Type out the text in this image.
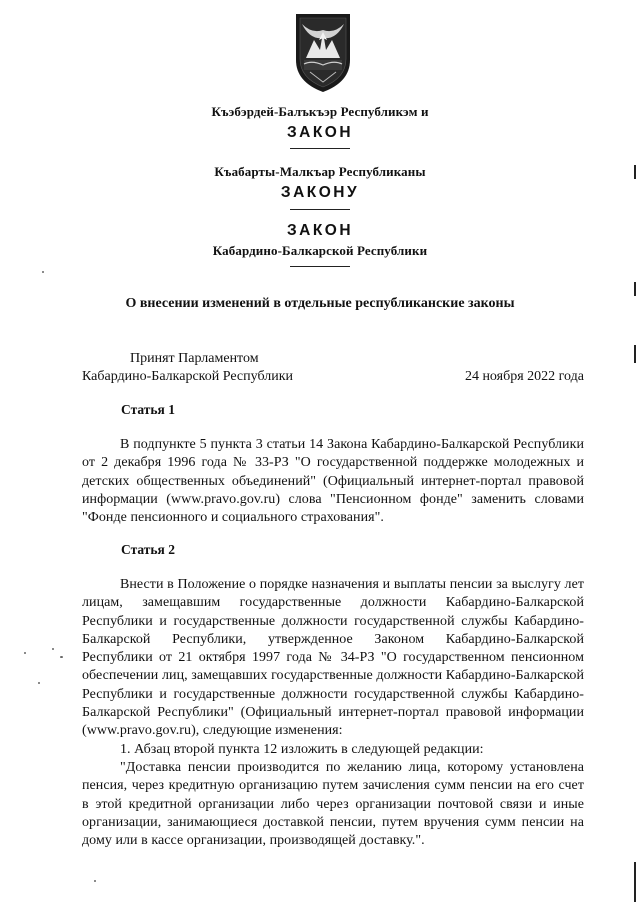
Къэбэрдей-Балъкъэр Республикэм и
ЗАКОН
Къабарты-Малкъар Республиканы
ЗАКОНУ
ЗАКОН
Кабардино-Балкарской Республики
О внесении изменений в отдельные республиканские законы
Принят Парламентом
Кабардино-Балкарской Республики	24 ноября 2022 года
Статья 1

В подпункте 5 пункта 3 статьи 14 Закона Кабардино-Балкарской Республики от 2 декабря 1996 года № 33-РЗ "О государственной поддержке молодежных и детских общественных объединений" (Официальный интернет-портал правовой информации (www.pravo.gov.ru) слова "Пенсионном фонде" заменить словами "Фонде пенсионного и социального страхования".

Статья 2

Внести в Положение о порядке назначения и выплаты пенсии за выслугу лет лицам, замещавшим государственные должности Кабардино-Балкарской Республики и государственные должности государственной службы Кабардино-Балкарской Республики, утвержденное Законом Кабардино-Балкарской Республики от 21 октября 1997 года № 34-РЗ "О государственном пенсионном обеспечении лиц, замещавших государственные должности Кабардино-Балкарской Республики и государственные должности государственной службы Кабардино-Балкарской Республики" (Официальный интернет-портал правовой информации (www.pravo.gov.ru), следующие изменения:

1. Абзац второй пункта 12 изложить в следующей редакции:

"Доставка пенсии производится по желанию лица, которому установлена пенсия, через кредитную организацию путем зачисления сумм пенсии на его счет в этой кредитной организации либо через организации почтовой связи и иные организации, занимающиеся доставкой пенсии, путем вручения сумм пенсии на дому или в кассе организации, производящей доставку.".
